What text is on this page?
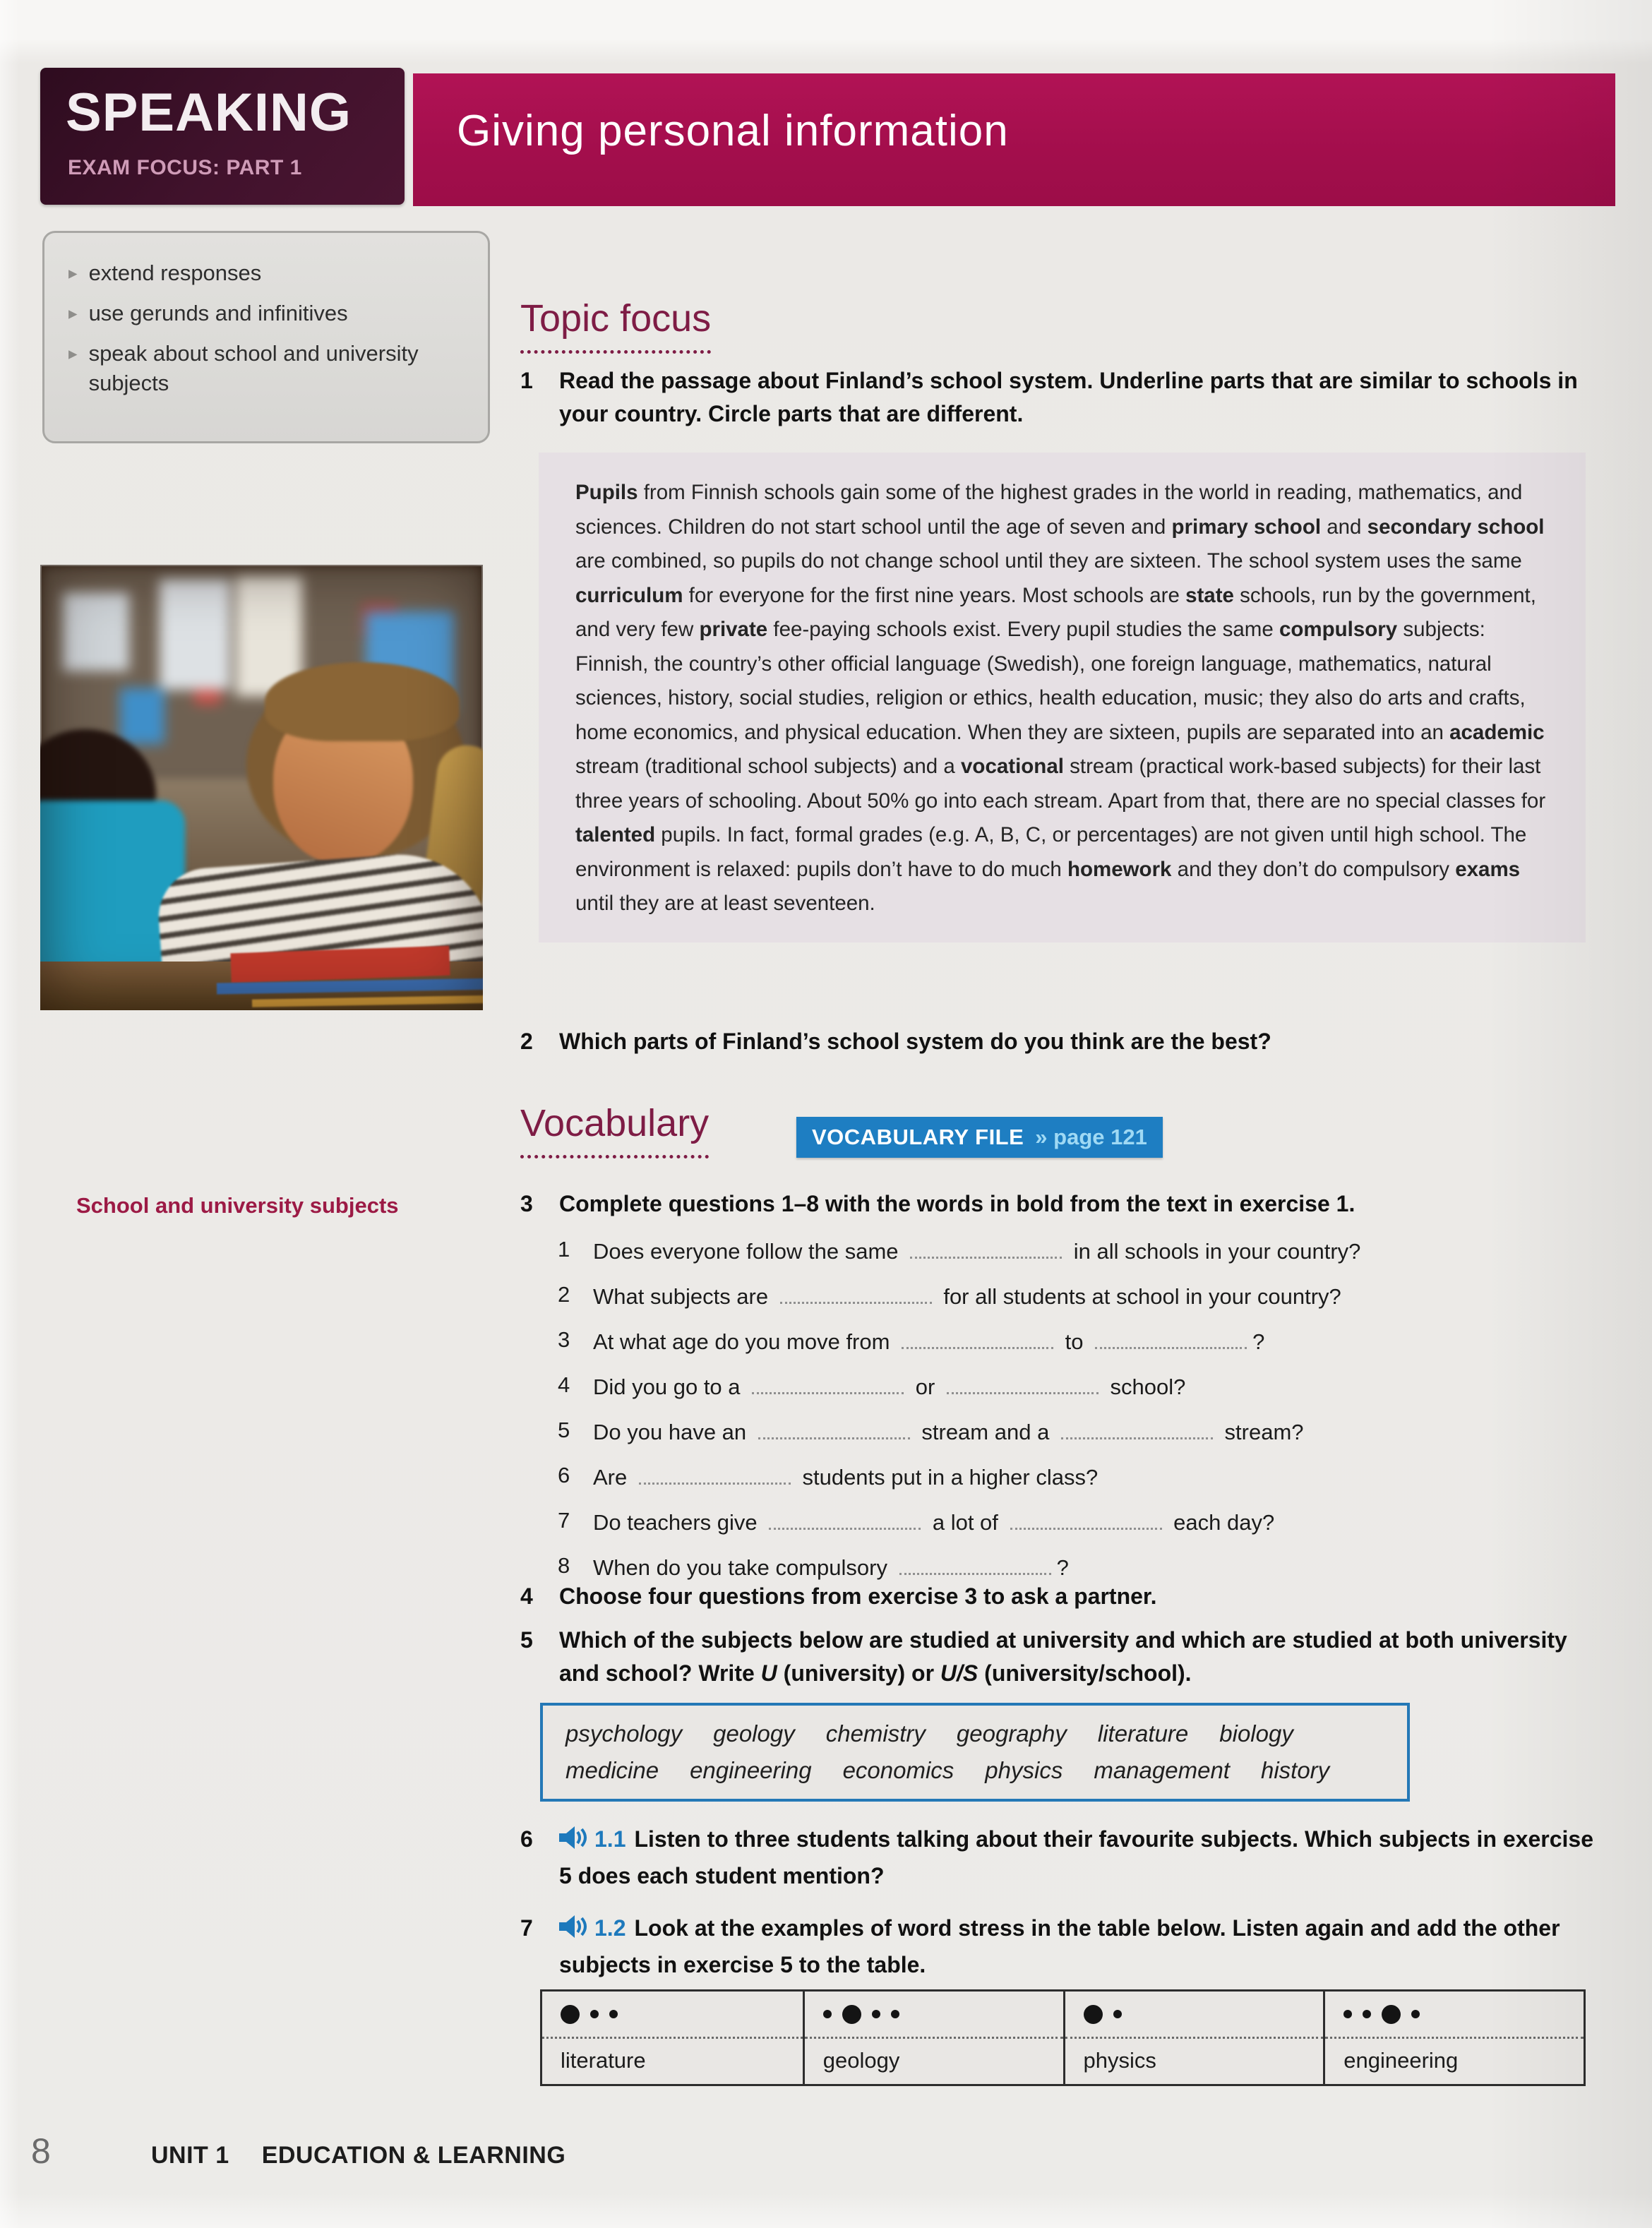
SPEAKING
EXAM FOCUS: PART 1
Giving personal information
▸ extend responses
▸ use gerunds and infinitives
▸ speak about school and university subjects
Topic focus
1	Read the passage about Finland’s school system. Underline parts that are similar to schools in your country. Circle parts that are different.
Pupils from Finnish schools gain some of the highest grades in the world in reading, mathematics, and sciences. Children do not start school until the age of seven and primary school and secondary school are combined, so pupils do not change school until they are sixteen. The school system uses the same curriculum for everyone for the first nine years. Most schools are state schools, run by the government, and very few private fee-paying schools exist. Every pupil studies the same compulsory subjects: Finnish, the country’s other official language (Swedish), one foreign language, mathematics, natural sciences, history, social studies, religion or ethics, health education, music; they also do arts and crafts, home economics, and physical education. When they are sixteen, pupils are separated into an academic stream (traditional school subjects) and a vocational stream (practical work-based subjects) for their last three years of schooling. About 50% go into each stream. Apart from that, there are no special classes for talented pupils. In fact, formal grades (e.g. A, B, C, or percentages) are not given until high school. The environment is relaxed: pupils don’t have to do much homework and they don’t do compulsory exams until they are at least seventeen.
2	Which parts of Finland’s school system do you think are the best?
Vocabulary	VOCABULARY FILE » page 121
School and university subjects	3	Complete questions 1–8 with the words in bold from the text in exercise 1.
1	Does everyone follow the same	in all schools in your country?
2	What subjects are	for all students at school in your country?
3	At what age do you move from	to	?
4	Did you go to a	or	school?
5	Do you have an	stream and a	stream?
6	Are	students put in a higher class?
7	Do teachers give	a lot of	each day?
8	When do you take compulsory	?
4	Choose four questions from exercise 3 to ask a partner.
5	Which of the subjects below are studied at university and which are studied at both university and school? Write U (university) or U/S (university/school).
psychology geology chemistry geography literature biology
medicine engineering economics physics management history
6	1.1 Listen to three students talking about their favourite subjects. Which subjects in exercise 5 does each student mention?
7	1.2 Look at the examples of word stress in the table below. Listen again and add the other subjects in exercise 5 to the table.
literature	geology	physics	engineering
8	UNIT 1 EDUCATION & LEARNING
